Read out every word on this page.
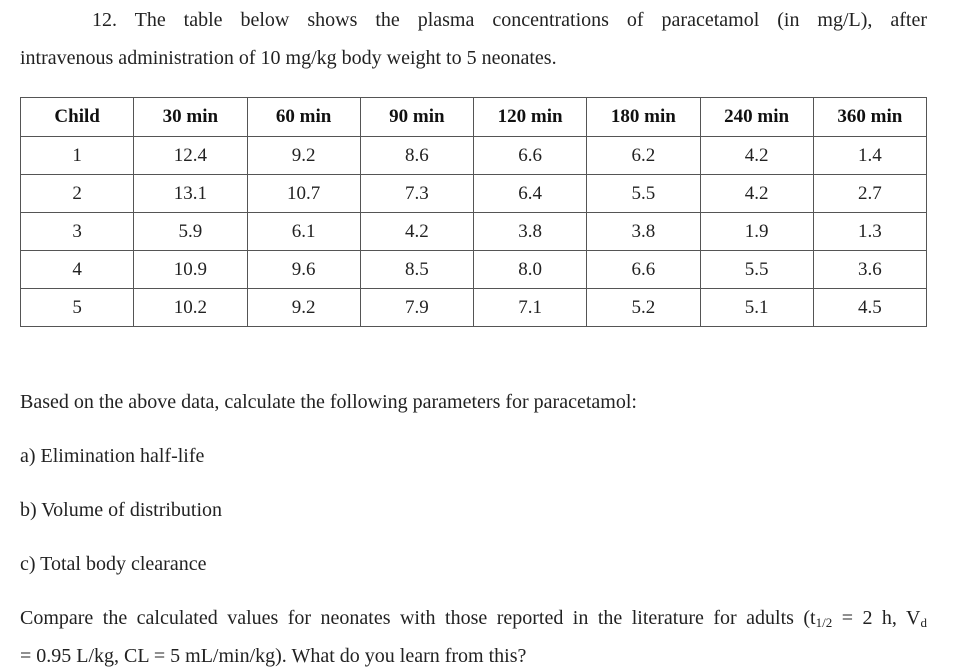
12. The table below shows the plasma concentrations of paracetamol (in mg/L), after
intravenous administration of 10 mg/kg body weight to 5 neonates.
Child	30 min	60 min	90 min	120 min	180 min	240 min	360 min
1	12.4	9.2	8.6	6.6	6.2	4.2	1.4
2	13.1	10.7	7.3	6.4	5.5	4.2	2.7
3	5.9	6.1	4.2	3.8	3.8	1.9	1.3
4	10.9	9.6	8.5	8.0	6.6	5.5	3.6
5	10.2	9.2	7.9	7.1	5.2	5.1	4.5
Based on the above data, calculate the following parameters for paracetamol:
a) Elimination half-life
b) Volume of distribution
c) Total body clearance
Compare the calculated values for neonates with those reported in the literature for adults ($t_{1/2} = 2$ h, $V_d$
= 0.95 L/kg, CL = 5 mL/min/kg). What do you learn from this?
